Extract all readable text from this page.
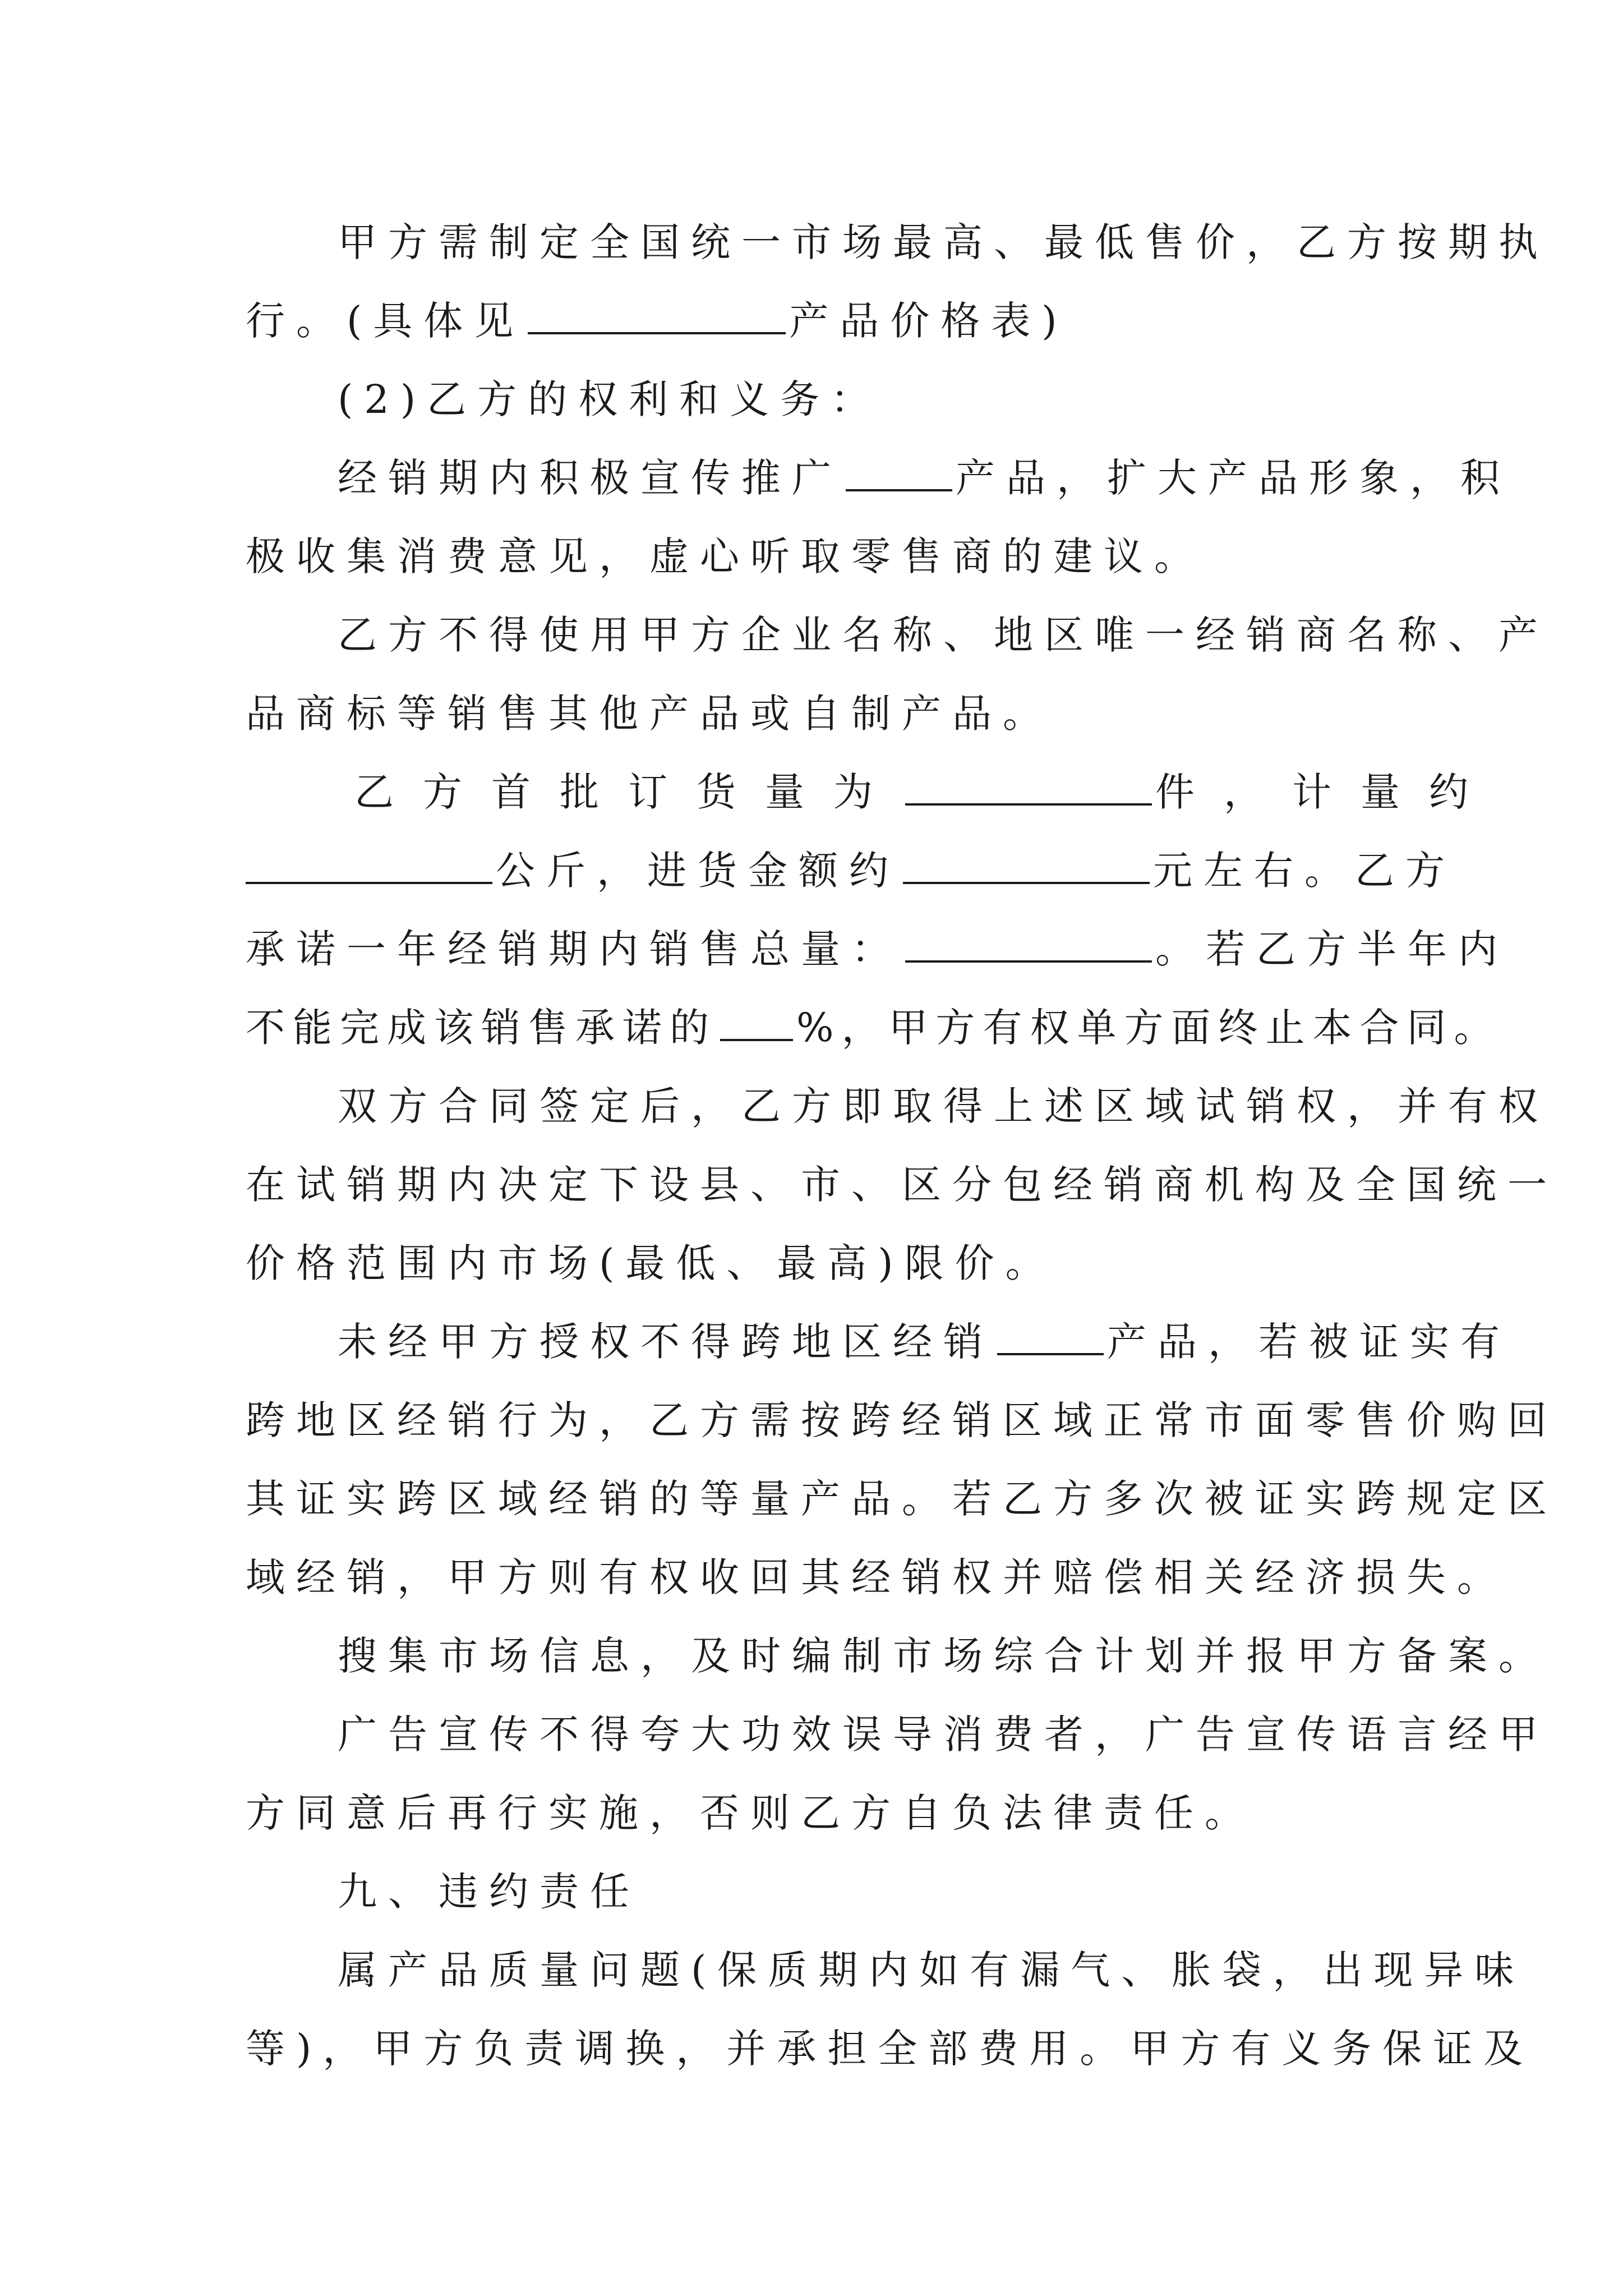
甲方需制定全国统一市场最高、最低售价，乙方按期执
行。(具体见	产品价格表)
(2)乙方的权利和义务：
经销期内积极宣传推广	产品，扩大产品形象，积
极收集消费意见，虚心听取零售商的建议。
乙方不得使用甲方企业名称、地区唯一经销商名称、产
品商标等销售其他产品或自制产品。
乙方首批订货量为	件，计量约
公斤，进货金额约	元左右。乙方
承诺一年经销期内销售总量：	。若乙方半年内
不能完成该销售承诺的 %，甲方有权单方面终止本合同。
双方合同签定后，乙方即取得上述区域试销权，并有权
在试销期内决定下设县、市、区分包经销商机构及全国统一
价格范围内市场(最低、最高)限价。
未经甲方授权不得跨地区经销	产品，若被证实有
跨地区经销行为，乙方需按跨经销区域正常市面零售价购回
其证实跨区域经销的等量产品。若乙方多次被证实跨规定区
域经销，甲方则有权收回其经销权并赔偿相关经济损失。
搜集市场信息，及时编制市场综合计划并报甲方备案。
广告宣传不得夸大功效误导消费者，广告宣传语言经甲
方同意后再行实施，否则乙方自负法律责任。
九、违约责任
属产品质量问题(保质期内如有漏气、胀袋，出现异味
等)，甲方负责调换，并承担全部费用。甲方有义务保证及
